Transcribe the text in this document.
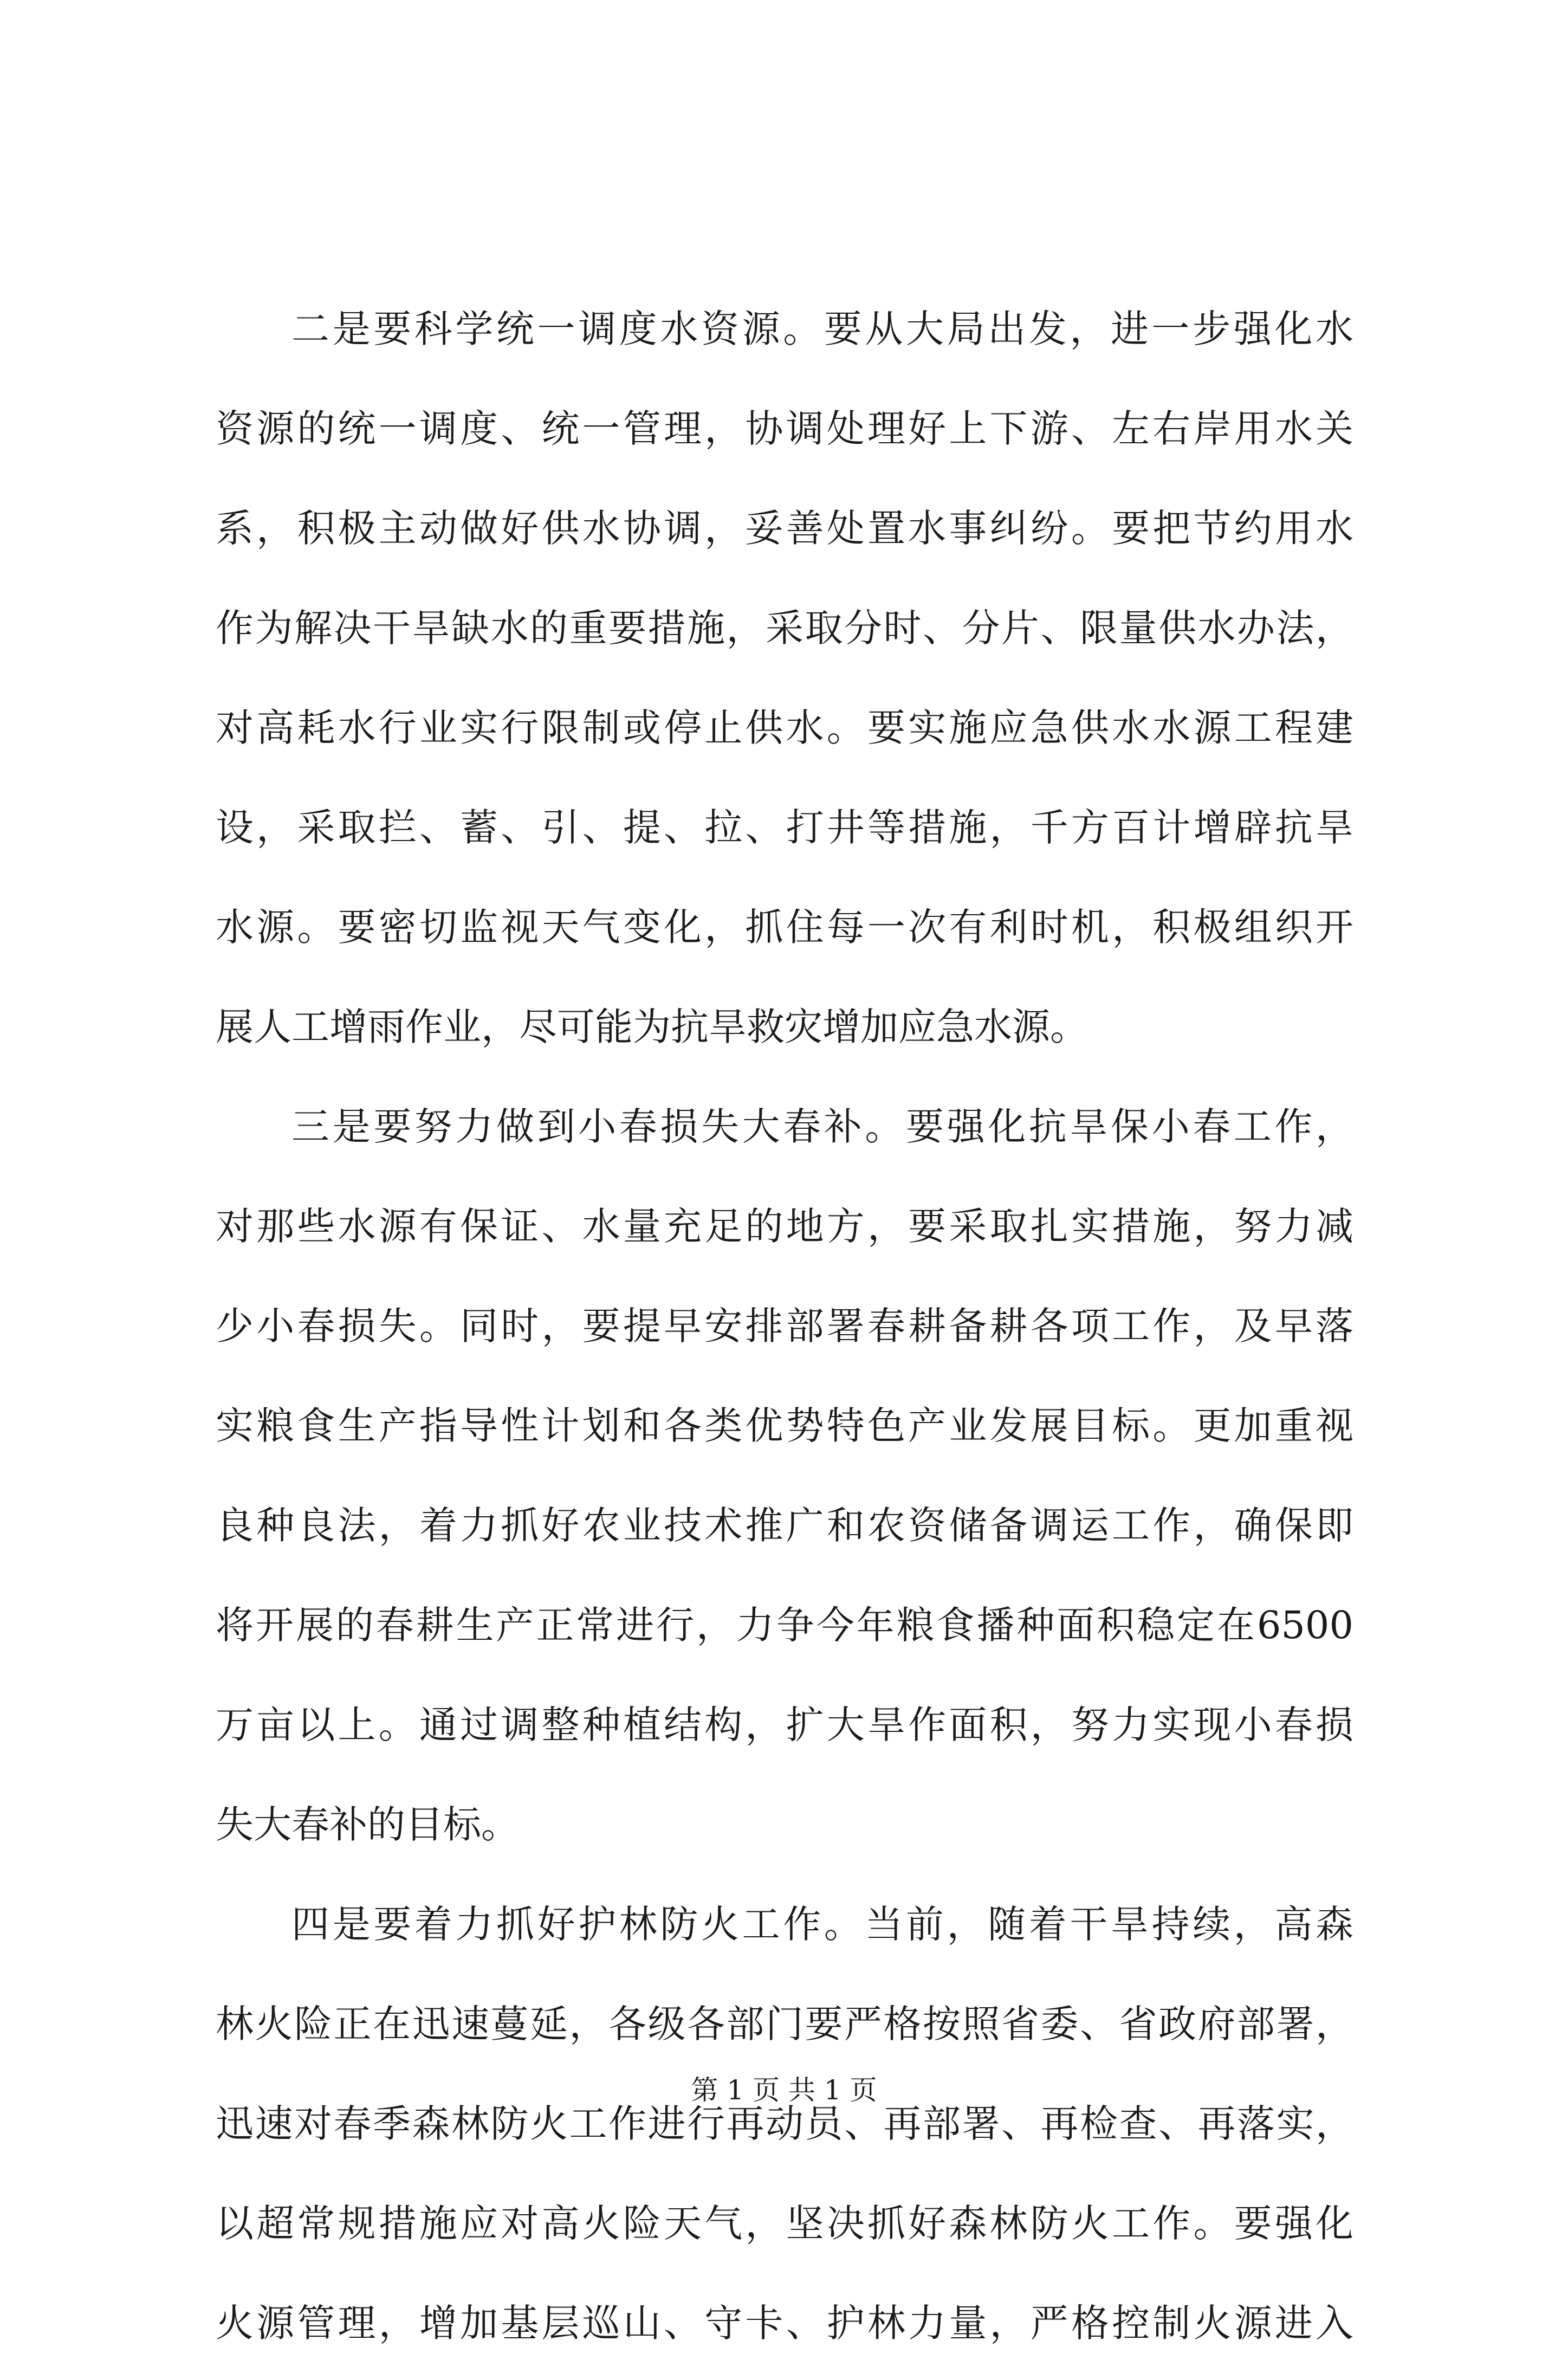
二是要科学统一调度水资源。要从大局出发，进一步强化水
资源的统一调度、统一管理，协调处理好上下游、左右岸用水关
系，积极主动做好供水协调，妥善处置水事纠纷。要把节约用水
作为解决干旱缺水的重要措施，采取分时、分片、限量供水办法，
对高耗水行业实行限制或停止供水。要实施应急供水水源工程建
设，采取拦、蓄、引、提、拉、打井等措施，千方百计增辟抗旱
水源。要密切监视天气变化，抓住每一次有利时机，积极组织开
展人工增雨作业，尽可能为抗旱救灾增加应急水源。
三是要努力做到小春损失大春补。要强化抗旱保小春工作，
对那些水源有保证、水量充足的地方，要采取扎实措施，努力减
少小春损失。同时，要提早安排部署春耕备耕各项工作，及早落
实粮食生产指导性计划和各类优势特色产业发展目标。更加重视
良种良法，着力抓好农业技术推广和农资储备调运工作，确保即
将开展的春耕生产正常进行，力争今年粮食播种面积稳定在6500
万亩以上。通过调整种植结构，扩大旱作面积，努力实现小春损
失大春补的目标。
四是要着力抓好护林防火工作。当前，随着干旱持续，高森
林火险正在迅速蔓延，各级各部门要严格按照省委、省政府部署，
迅速对春季森林防火工作进行再动员、再部署、再检查、再落实，
以超常规措施应对高火险天气，坚决抓好森林防火工作。要强化
火源管理，增加基层巡山、守卡、护林力量，严格控制火源进入
第 1 页 共 1 页
